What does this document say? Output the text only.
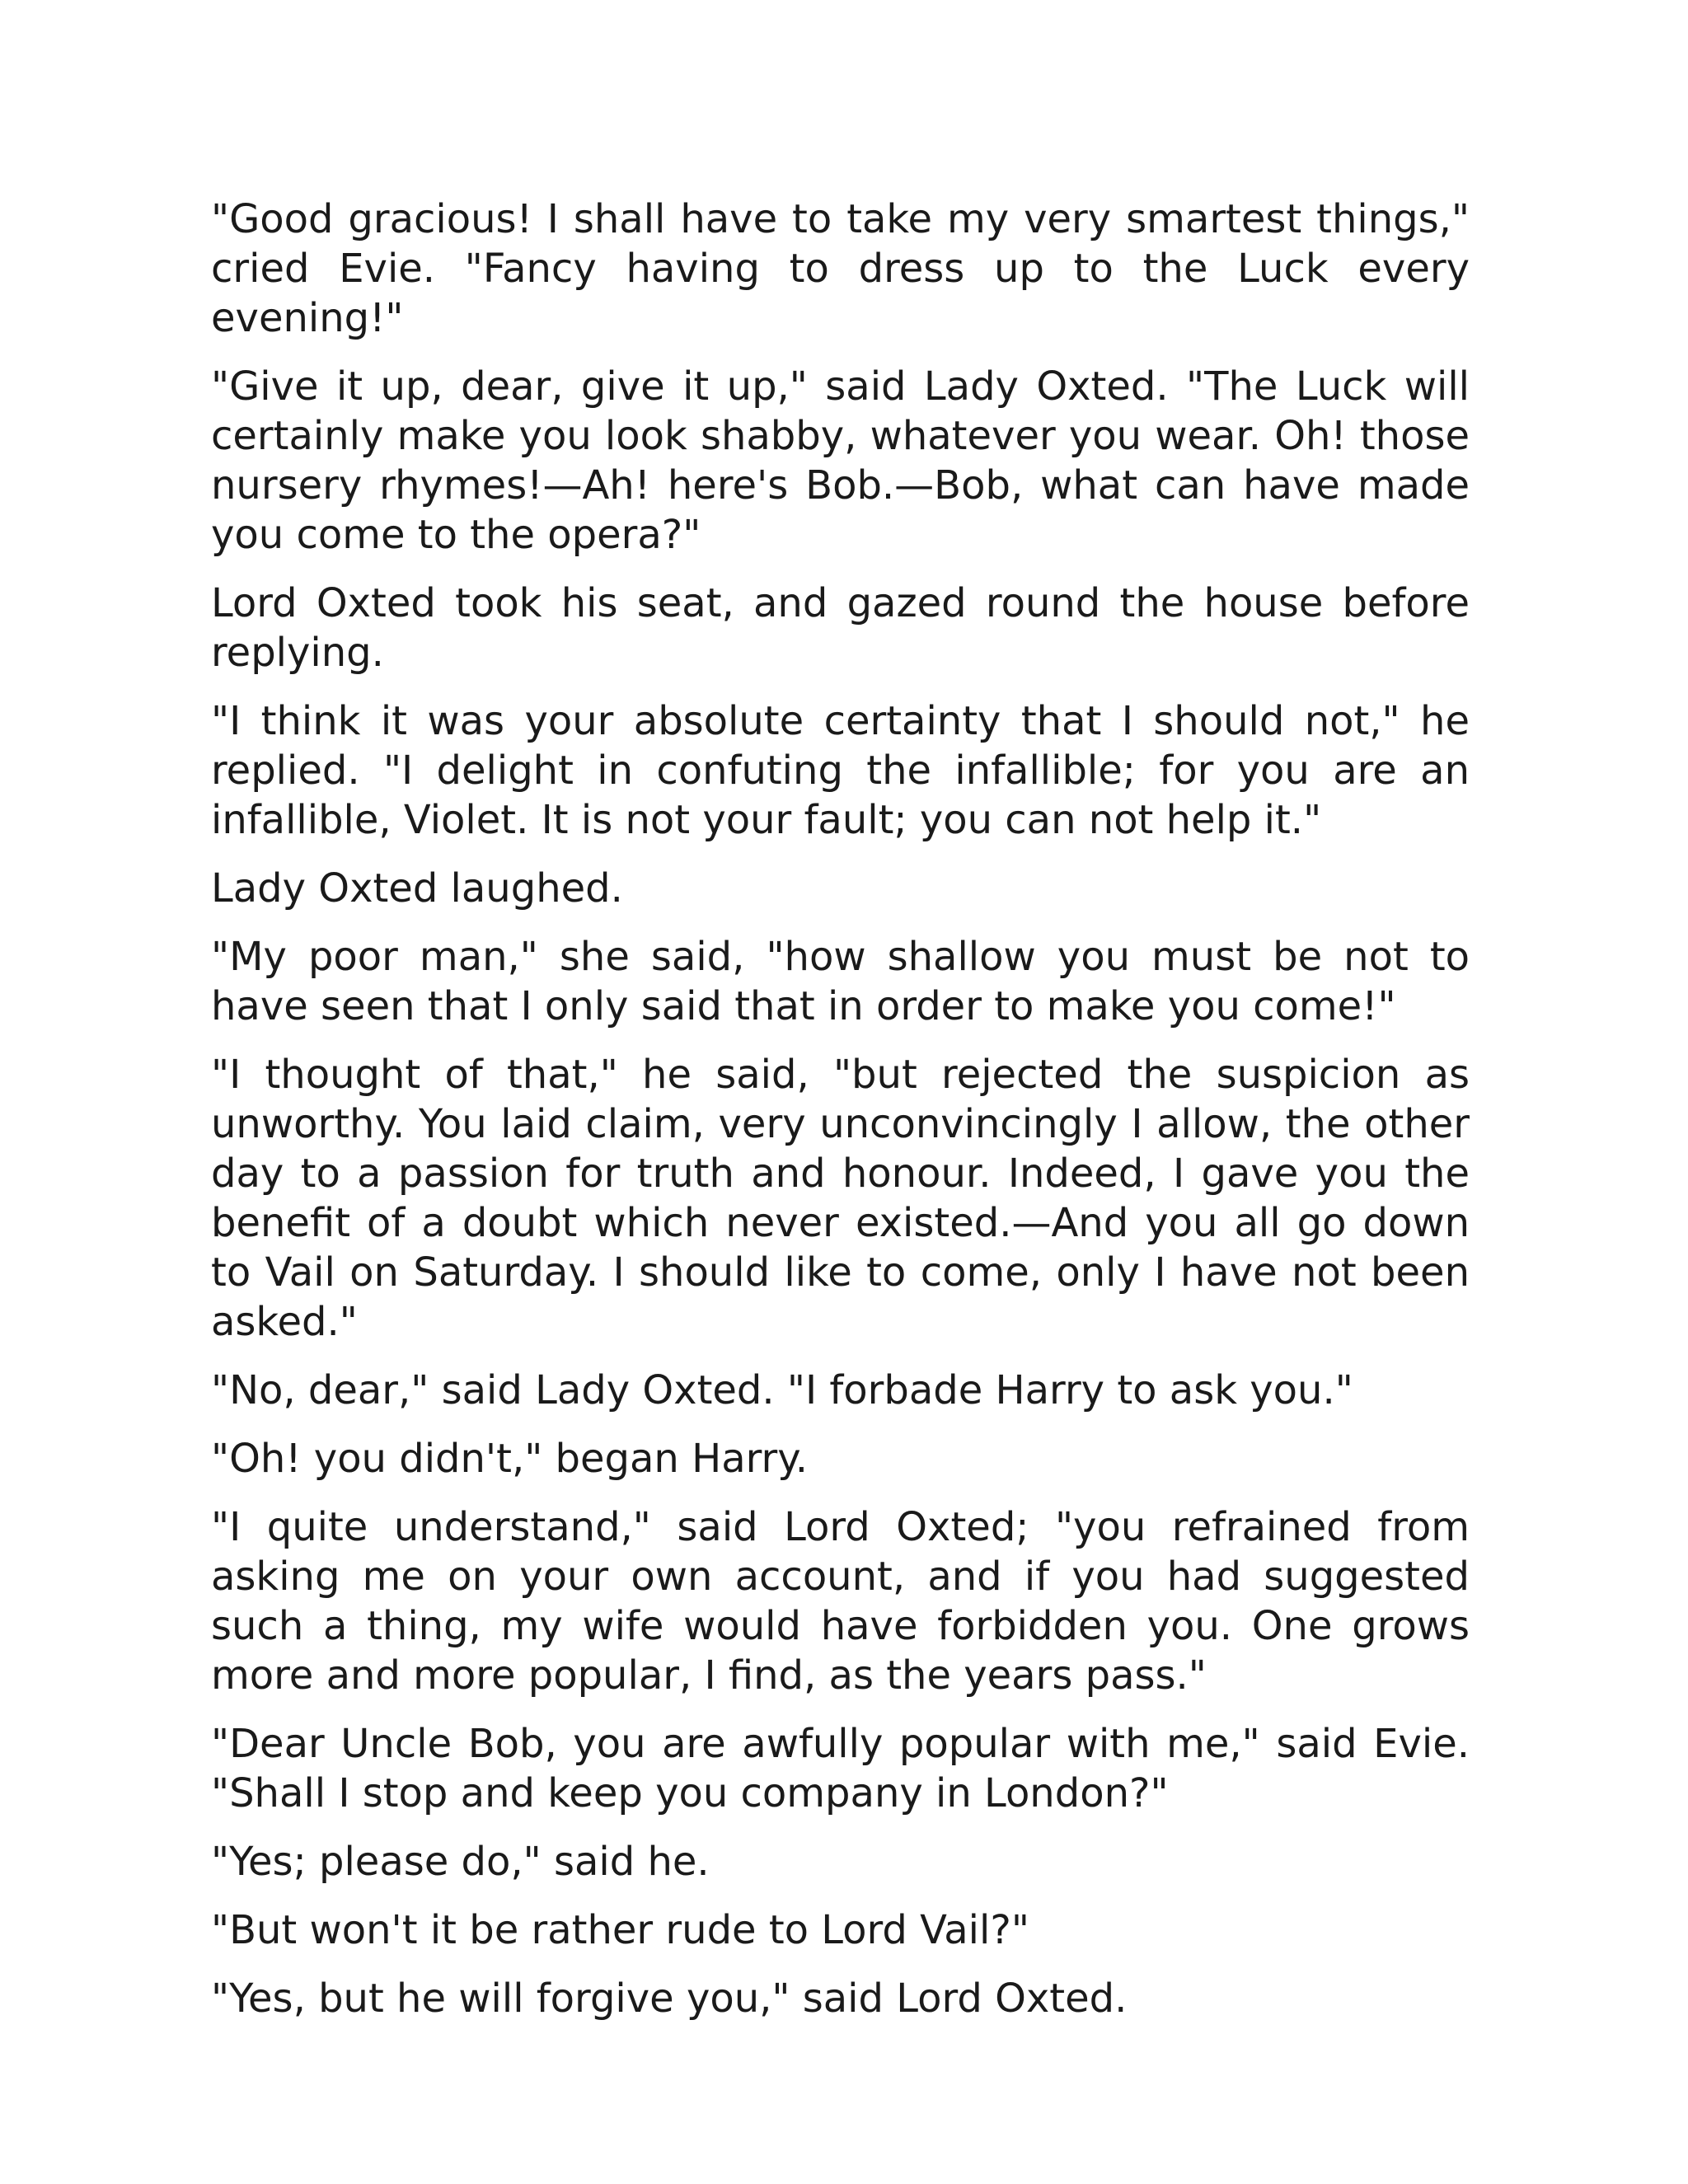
"Good gracious! I shall have to take my very smartest things," cried Evie. "Fancy having to dress up to the Luck every evening!"

"Give it up, dear, give it up," said Lady Oxted. "The Luck will certainly make you look shabby, whatever you wear. Oh! those nursery rhymes!—Ah! here's Bob.—Bob, what can have made you come to the opera?"

Lord Oxted took his seat, and gazed round the house before replying.

"I think it was your absolute certainty that I should not," he replied. "I delight in confuting the infallible; for you are an infallible, Violet. It is not your fault; you can not help it."

Lady Oxted laughed.

"My poor man," she said, "how shallow you must be not to have seen that I only said that in order to make you come!"

"I thought of that," he said, "but rejected the suspicion as unworthy. You laid claim, very unconvincingly I allow, the other day to a passion for truth and honour. Indeed, I gave you the benefit of a doubt which never existed.—And you all go down to Vail on Saturday. I should like to come, only I have not been asked."

"No, dear," said Lady Oxted. "I forbade Harry to ask you."

"Oh! you didn't," began Harry.

"I quite understand," said Lord Oxted; "you refrained from asking me on your own account, and if you had suggested such a thing, my wife would have forbidden you. One grows more and more popular, I find, as the years pass."

"Dear Uncle Bob, you are awfully popular with me," said Evie. "Shall I stop and keep you company in London?"

"Yes; please do," said he.

"But won't it be rather rude to Lord Vail?"

"Yes, but he will forgive you," said Lord Oxted.
